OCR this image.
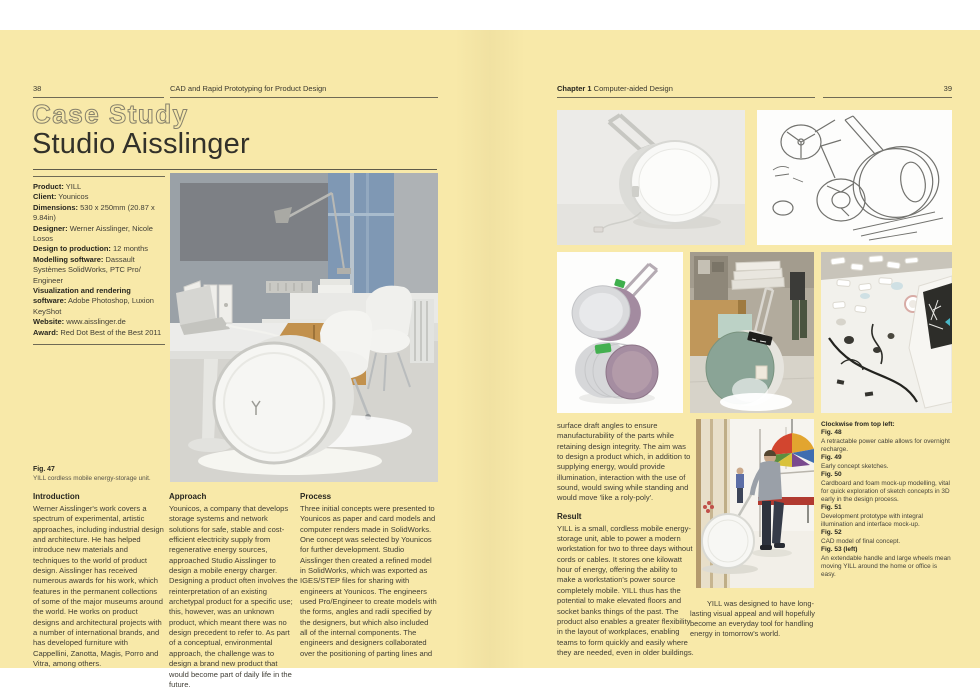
38	CAD and Rapid Prototyping for Product Design
Case Study
Studio Aisslinger
Product: YILL
Client: Younicos
Dimensions: 530 x 250mm (20.87 x 9.84in)
Designer: Werner Aisslinger, Nicole Losos
Design to production: 12 months
Modelling software: Dassault Systèmes SolidWorks, PTC Pro/ Engineer
Visualization and rendering software: Adobe Photoshop, Luxion KeyShot
Website: www.aisslinger.de
Award: Red Dot Best of the Best 2011
Fig. 47
YILL cordless mobile energy-storage unit.
Introduction
Werner Aisslinger's work covers a spectrum of experimental, artistic approaches, including industrial design and architecture. He has helped introduce new materials and techniques to the world of product design. Aisslinger has received numerous awards for his work, which features in the permanent collections of some of the major museums around the world. He works on product designs and architectural projects with a number of international brands, and has developed furniture with Cappellini, Zanotta, Magis, Porro and Vitra, among others.
Approach
Younicos, a company that develops storage systems and network solutions for safe, stable and cost-efficient electricity supply from regenerative energy sources, approached Studio Aisslinger to design a mobile energy charger. Designing a product often involves the reinterpretation of an existing archetypal product for a specific use; this, however, was an unknown product, which meant there was no design precedent to refer to. As part of a conceptual, environmental approach, the challenge was to design a brand new product that would become part of daily life in the future.
Process
Three initial concepts were presented to Younicos as paper and card models and computer renders made in SolidWorks. One concept was selected by Younicos for further development. Studio Aisslinger then created a refined model in SolidWorks, which was exported as IGES/STEP files for sharing with engineers at Younicos. The engineers used Pro/Engineer to create models with the forms, angles and radii specified by the designers, but which also included all of the internal components. The engineers and designers collaborated over the positioning of parting lines and
Chapter 1 Computer-aided Design	39
surface draft angles to ensure manufacturability of the parts while retaining design integrity. The aim was to design a product which, in addition to supplying energy, would provide illumination, interaction with the use of sound, would swing while standing and would move 'like a roly-poly'.
Result
YILL is a small, cordless mobile energy-storage unit, able to power a modern workstation for two to three days without cords or cables. It stores one kilowatt hour of energy, offering the ability to make a workstation's power source completely mobile. YILL thus has the potential to make elevated floors and socket banks things of the past. The product also enables a greater flexibility in the layout of workplaces, enabling teams to form quickly and easily where they are needed, even in older buildings.
YILL was designed to have long-lasting visual appeal and will hopefully become an everyday tool for handling energy in tomorrow's world.
Clockwise from top left:
Fig. 48
A retractable power cable allows for overnight recharge.
Fig. 49
Early concept sketches.
Fig. 50
Cardboard and foam mock-up modelling, vital for quick exploration of sketch concepts in 3D early in the design process.
Fig. 51
Development prototype with integral illumination and interface mock-up.
Fig. 52
CAD model of final concept.
Fig. 53 (left)
An extendable handle and large wheels mean moving YILL around the home or office is easy.
